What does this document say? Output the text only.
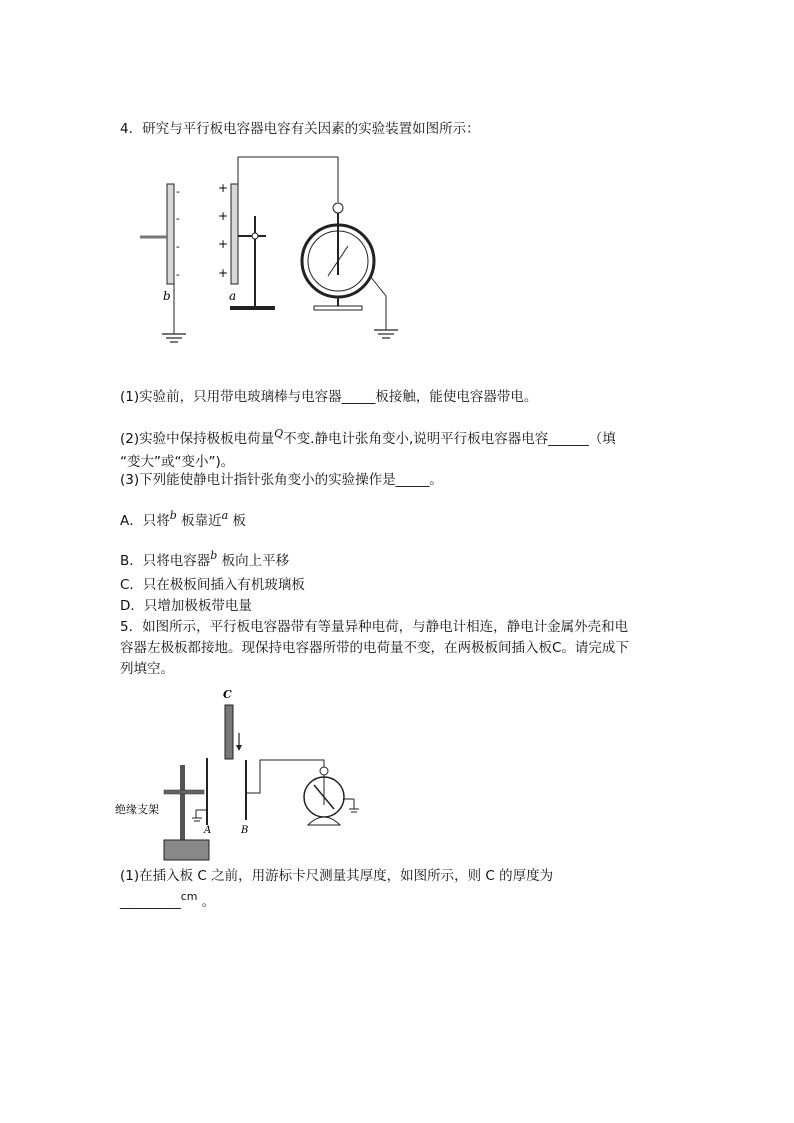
4．研究与平行板电容器电容有关因素的实验装置如图所示：
-
-
-
-
b
+
+
+
+
a
(1)实验前，只用带电玻璃棒与电容器_____板接触，能使电容器带电。
(2)实验中保持极板电荷量$^Q$不变.静电计张角变小,说明平行板电容器电容______（填
“变大”或“变小”)。
(3)下列能使静电计指针张角变小的实验操作是_____。
A．只将$^b$ 板靠近$^a$ 板
B．只将电容器$^b$ 板向上平移
C．只在极板间插入有机玻璃板
D．只增加极板带电量
5．如图所示，平行板电容器带有等量异种电荷，与静电计相连，静电计金属外壳和电
容器左极板都接地。现保持电容器所带的电荷量不变，在两极板间插入板C。请完成下
列填空。
C
绝缘支架
A	B
(1)在插入板 C 之前，用游标卡尺测量其厚度，如图所示，则 C 的厚度为
_________$^{cm}$ 。
